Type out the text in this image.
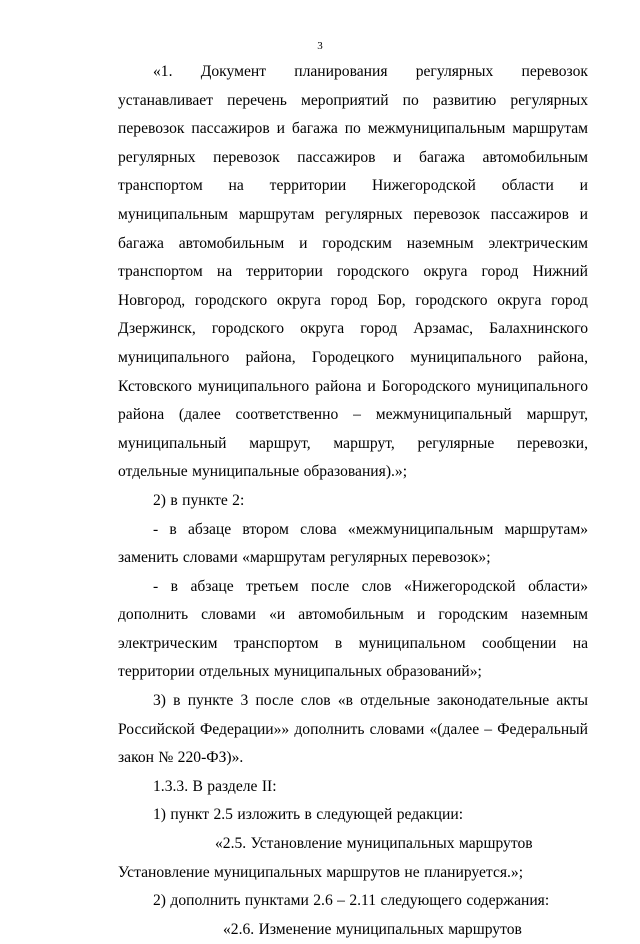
3

«1. Документ планирования регулярных перевозок устанавливает перечень мероприятий по развитию регулярных перевозок пассажиров и багажа по межмуниципальным маршрутам регулярных перевозок пассажиров и багажа автомобильным транспортом на территории Нижегородской области и муниципальным маршрутам регулярных перевозок пассажиров и багажа автомобильным и городским наземным электрическим транспортом на территории городского округа город Нижний Новгород, городского округа город Бор, городского округа город Дзержинск, городского округа город Арзамас, Балахнинского муниципального района, Городецкого муниципального района, Кстовского муниципального района и Богородского муниципального района (далее соответственно – межмуниципальный маршрут, муниципальный маршрут, маршрут, регулярные перевозки, отдельные муниципальные образования).»;

2) в пункте 2:

- в абзаце втором слова «межмуниципальным маршрутам» заменить словами «маршрутам регулярных перевозок»;

- в абзаце третьем после слов «Нижегородской области» дополнить словами «и автомобильным и городским наземным электрическим транспортом в муниципальном сообщении на территории отдельных муниципальных образований»;

3) в пункте 3 после слов «в отдельные законодательные акты Российской Федерации»» дополнить словами «(далее – Федеральный закон № 220-ФЗ)».

1.3.3. В разделе II:

1) пункт 2.5 изложить в следующей редакции:

«2.5. Установление муниципальных маршрутов

Установление муниципальных маршрутов не планируется.»;

2) дополнить пунктами 2.6 – 2.11 следующего содержания:

«2.6. Изменение муниципальных маршрутов
